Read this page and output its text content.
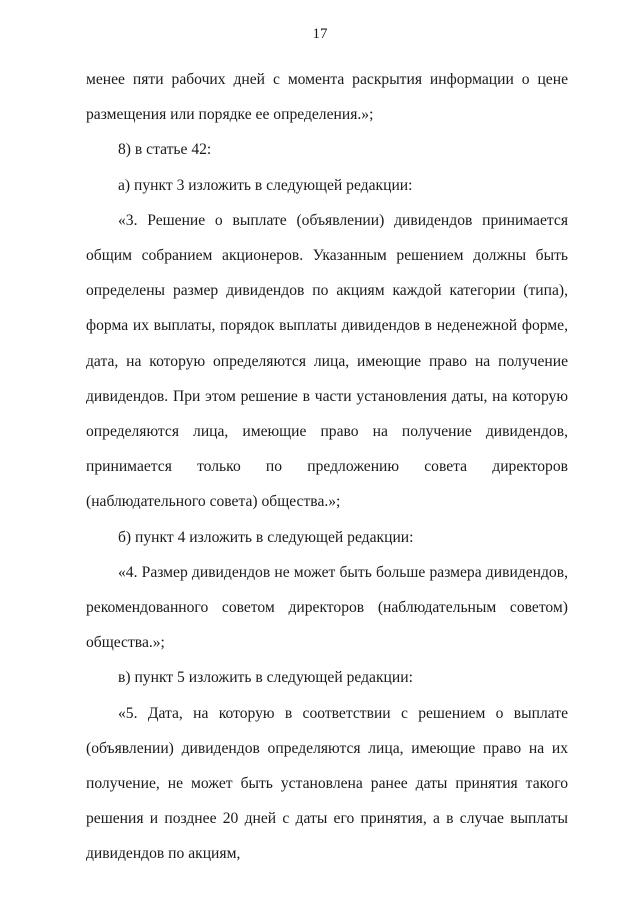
17

менее пяти рабочих дней с момента раскрытия информации о цене размещения или порядке ее определения.»;

8) в статье 42:

а) пункт 3 изложить в следующей редакции:

«3. Решение о выплате (объявлении) дивидендов принимается общим собранием акционеров. Указанным решением должны быть определены размер дивидендов по акциям каждой категории (типа), форма их выплаты, порядок выплаты дивидендов в неденежной форме, дата, на которую определяются лица, имеющие право на получение дивидендов. При этом решение в части установления даты, на которую определяются лица, имеющие право на получение дивидендов, принимается только по предложению совета директоров (наблюдательного совета) общества.»;

б) пункт 4 изложить в следующей редакции:

«4. Размер дивидендов не может быть больше размера дивидендов, рекомендованного советом директоров (наблюдательным советом) общества.»;

в) пункт 5 изложить в следующей редакции:

«5. Дата, на которую в соответствии с решением о выплате (объявлении) дивидендов определяются лица, имеющие право на их получение, не может быть установлена ранее даты принятия такого решения и позднее 20 дней с даты его принятия, а в случае выплаты дивидендов по акциям,
